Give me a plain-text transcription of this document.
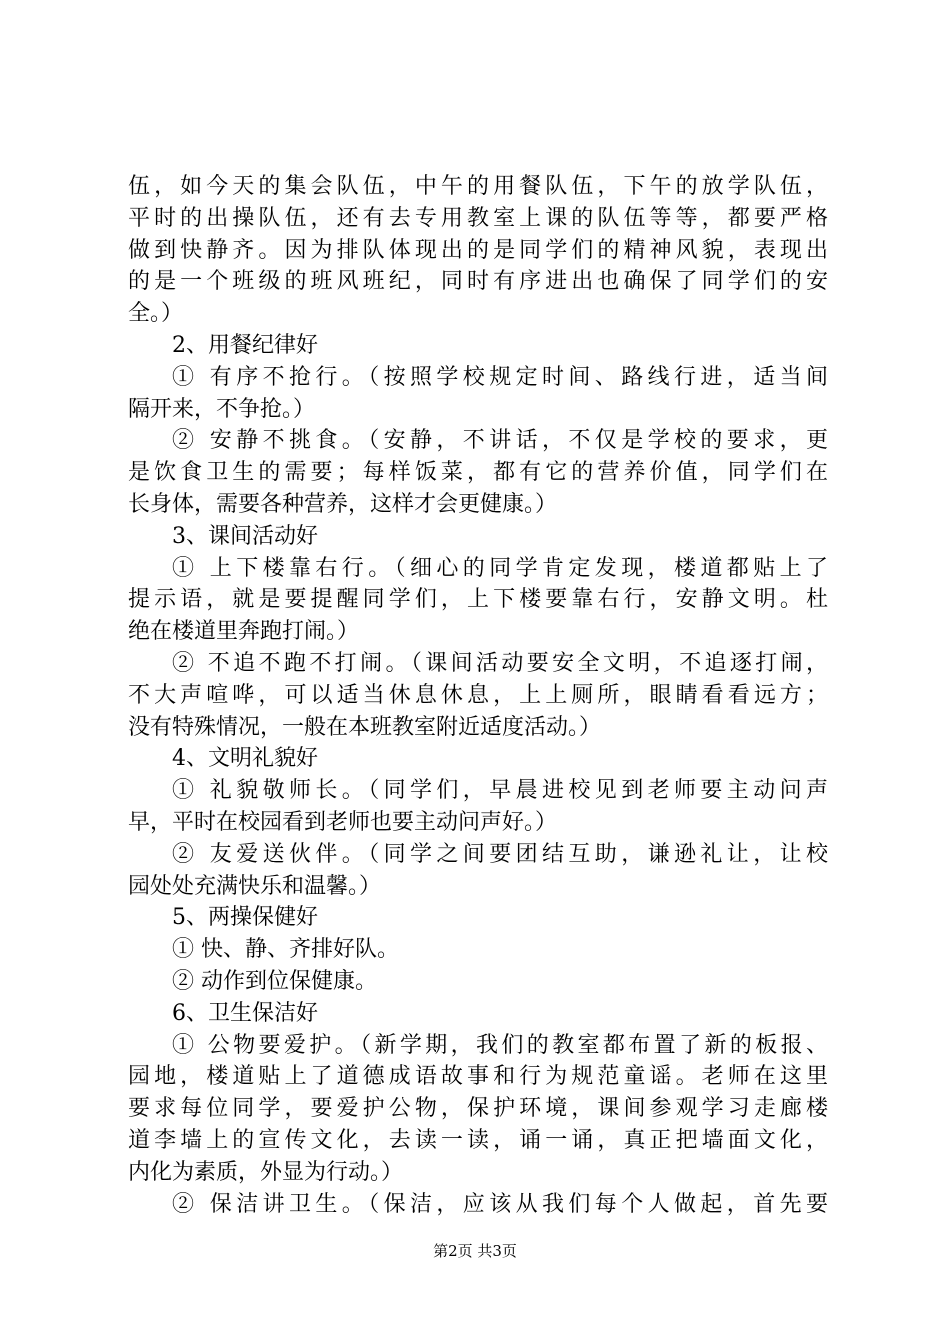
伍，如今天的集会队伍，中午的用餐队伍，下午的放学队伍，
平时的出操队伍，还有去专用教室上课的队伍等等，都要严格
做到快静齐。因为排队体现出的是同学们的精神风貌，表现出
的是一个班级的班风班纪，同时有序进出也确保了同学们的安
全。）
2、用餐纪律好
① 有序不抢行。（按照学校规定时间、路线行进，适当间
隔开来，不争抢。）
② 安静不挑食。（安静，不讲话，不仅是学校的要求，更
是饮食卫生的需要；每样饭菜，都有它的营养价值，同学们在
长身体，需要各种营养，这样才会更健康。）
3、课间活动好
① 上下楼靠右行。（细心的同学肯定发现，楼道都贴上了
提示语，就是要提醒同学们，上下楼要靠右行，安静文明。杜
绝在楼道里奔跑打闹。）
② 不追不跑不打闹。（课间活动要安全文明，不追逐打闹，
不大声喧哗，可以适当休息休息，上上厕所，眼睛看看远方；
没有特殊情况，一般在本班教室附近适度活动。）
4、文明礼貌好
① 礼貌敬师长。（同学们，早晨进校见到老师要主动问声
早，平时在校园看到老师也要主动问声好。）
② 友爱送伙伴。（同学之间要团结互助，谦逊礼让，让校
园处处充满快乐和温馨。）
5、两操保健好
① 快、静、齐排好队。
② 动作到位保健康。
6、卫生保洁好
① 公物要爱护。（新学期，我们的教室都布置了新的板报、
园地，楼道贴上了道德成语故事和行为规范童谣。老师在这里
要求每位同学，要爱护公物，保护环境，课间参观学习走廊楼
道李墙上的宣传文化，去读一读，诵一诵，真正把墙面文化，
内化为素质，外显为行动。）
② 保洁讲卫生。（保洁，应该从我们每个人做起，首先要
第2页 共3页
